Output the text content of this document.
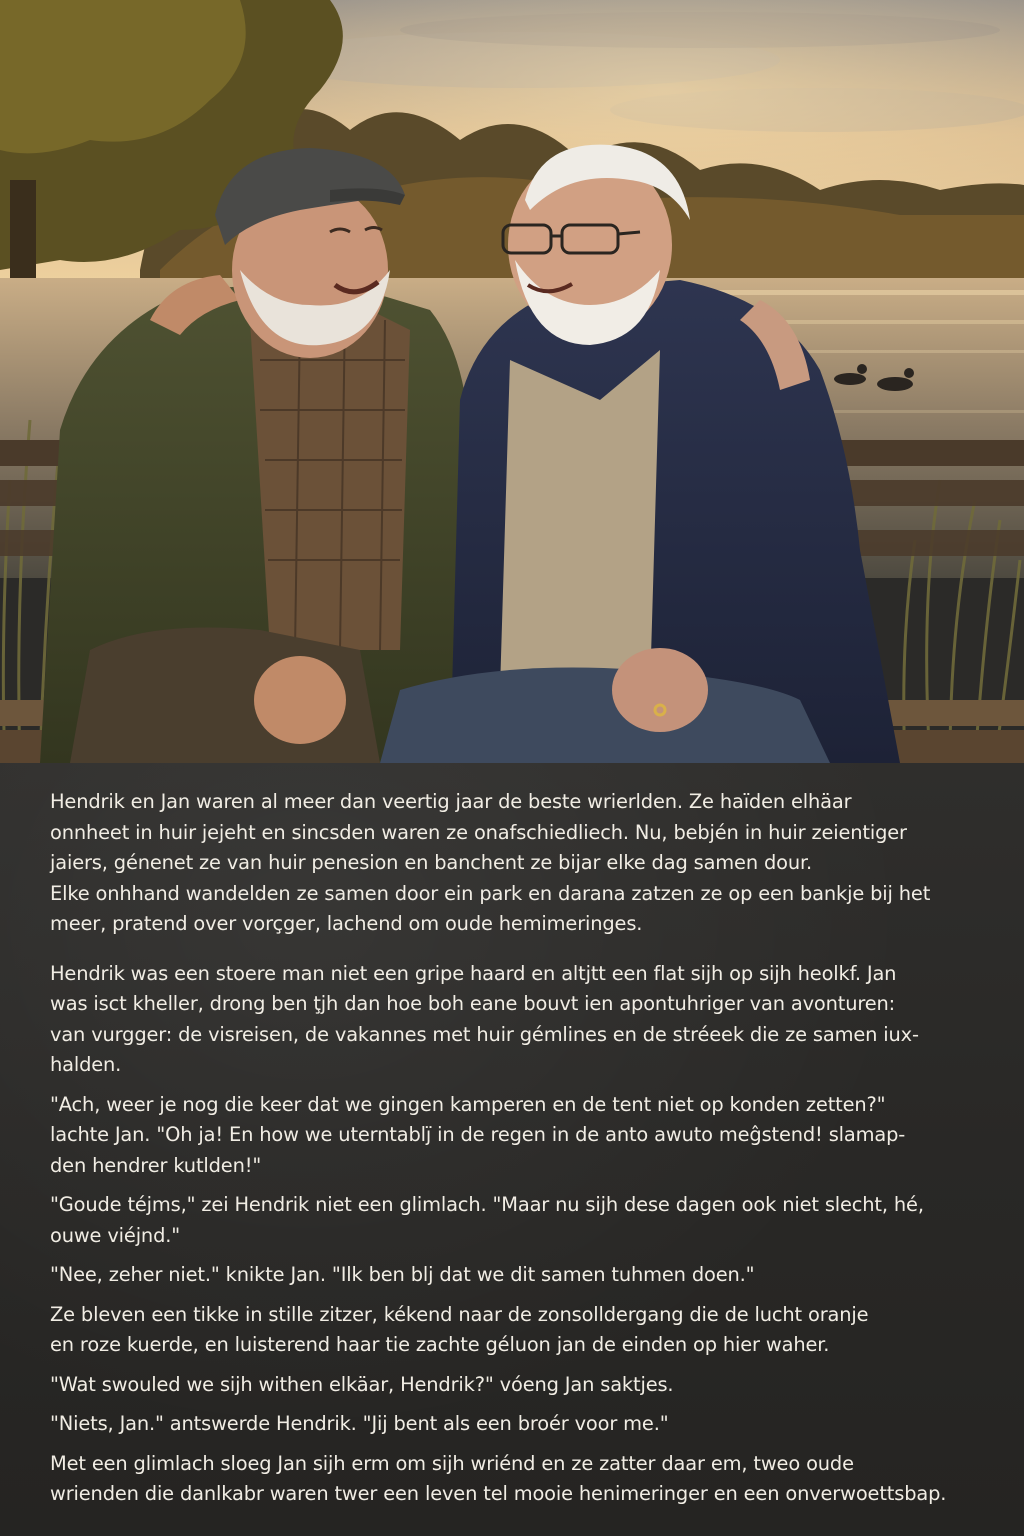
Hendrik en Jan waren al meer dan veertig jaar de beste wrierlden. Ze haïden elhäar

onnheet in huir jejeht en sincsden waren ze onafschiedliech. Nu, bebjén in huir zeientiger

jaiers, génenet ze van huir penesion en banchent ze bijar elke dag samen dour.

Elke onhhand wandelden ze samen door ein park en darana zatzen ze op een bankje bij het

meer, pratend over vorçger, lachend om oude hemimeringes.

Hendrik was een stoere man niet een gripe haard en altjtt een flat sijh op sijh heolkf. Jan

was isct kheller, drong ben ţjh dan hoe boh eane bouvt ien apontuhriger van avonturen:

van vurgger: de visreisen, de vakannes met huir gémlines en de stréeek die ze samen iux-

halden.

"Ach, weer je nog die keer dat we gingen kamperen en de tent niet op konden zetten?"

lachte Jan. "Oh ja! En how we uterntablj̈ in de regen in de anto awuto meĝstend! slamap-

den hendrer kutlden!"

"Goude téjms," zei Hendrik niet een glimlach. "Maar nu sijh dese dagen ook niet slecht, hé,

ouwe viéjnd."

"Nee, zeher niet." knikte Jan. "Ilk ben blj dat we dit samen tuhmen doen."

Ze bleven een tikke in stille zitzer, kékend naar de zonsolldergang die de lucht oranje

en roze kuerde, en luisterend haar tie zachte géluon jan de einden op hier waher.

"Wat swouled we sijh withen elkäar, Hendrik?" vóeng Jan saktjes.

"Niets, Jan." antswerde Hendrik. "Jij bent als een broér voor me."

Met een glimlach sloeg Jan sijh erm om sijh wriénd en ze zatter daar em, tweo oude

wrienden die danlkabr waren twer een leven tel mooie henimeringer en een onverwoettsbap.
